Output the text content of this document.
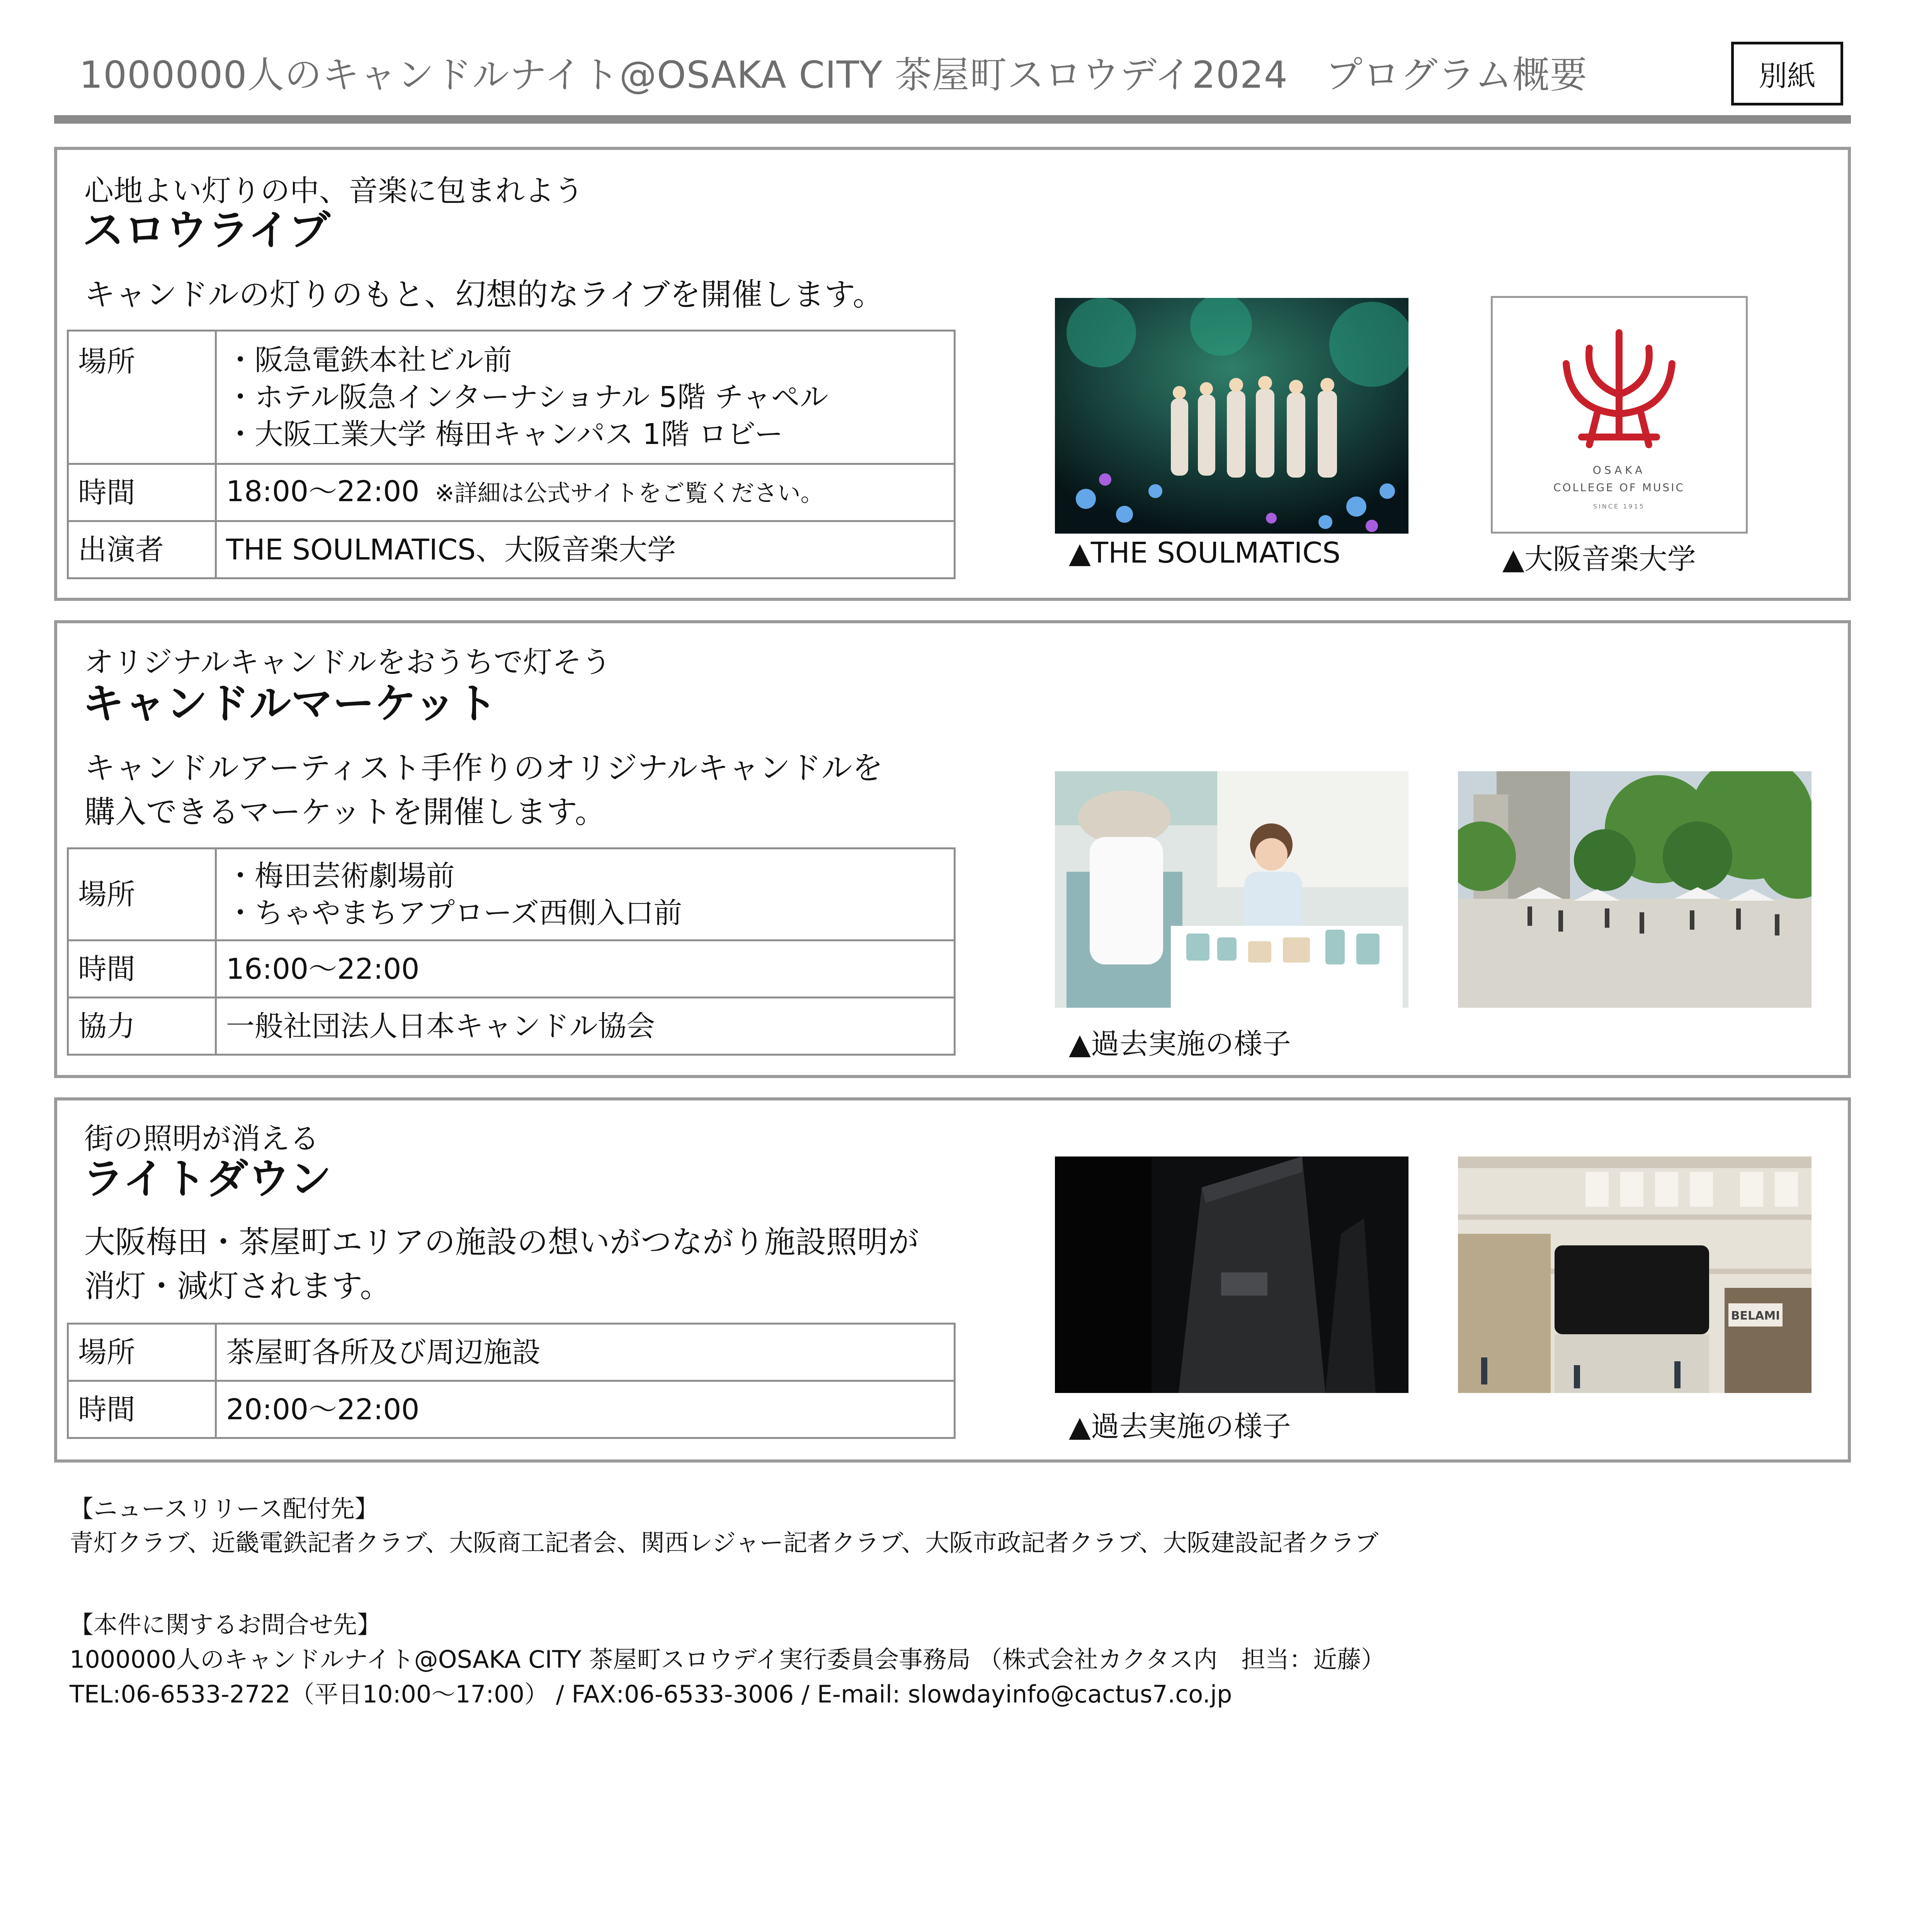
1000000人のキャンドルナイト@OSAKA CITY 茶屋町スロウデイ2024　プログラム概要	別紙
心地よい灯りの中、音楽に包まれよう
スロウライブ
キャンドルの灯りのもと、幻想的なライブを開催します。
場所	・阪急電鉄本社ビル前
・ホテル阪急インターナショナル 5階 チャペル
・大阪工業大学 梅田キャンパス 1階 ロビー

時間	18:00〜22:00 ※詳細は公式サイトをご覧ください。
出演者	THE SOULMATICS、大阪音楽大学	▲THE SOULMATICS
OSAKA
COLLEGE OF MUSIC
SINCE 1915
▲大阪音楽大学
オリジナルキャンドルをおうちで灯そう
キャンドルマーケット
キャンドルアーティスト手作りのオリジナルキャンドルを
購入できるマーケットを開催します。
場所	・梅田芸術劇場前
・ちゃやまちアプローズ西側入口前

時間	16:00〜22:00
協力	一般社団法人日本キャンドル協会
▲過去実施の様子
街の照明が消える
ライトダウン
大阪梅田・茶屋町エリアの施設の想いがつながり施設照明が
消灯・減灯されます。
場所	茶屋町各所及び周辺施設
時間	20:00〜22:00
▲過去実施の様子
BELAMI
【ニュースリリース配付先】
青灯クラブ、近畿電鉄記者クラブ、大阪商工記者会、関西レジャー記者クラブ、大阪市政記者クラブ、大阪建設記者クラブ
【本件に関するお問合せ先】
1000000人のキャンドルナイト@OSAKA CITY 茶屋町スロウデイ実行委員会事務局 （株式会社カクタス内　担当：近藤）
TEL:06-6533-2722（平日10:00〜17:00） / FAX:06-6533-3006 / E-mail: slowdayinfo@cactus7.co.jp
